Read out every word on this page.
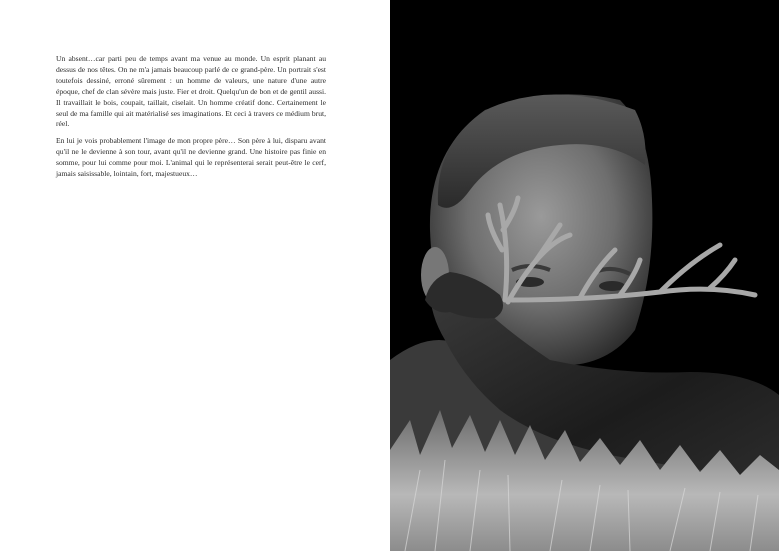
Un absent…car parti peu de temps avant ma venue au monde. Un esprit planant au dessus de nos têtes. On ne m'a jamais beaucoup parlé de ce grand-père. Un portrait s'est toutefois dessiné, erroné sûrement : un homme de valeurs, une nature d'une autre époque, chef de clan sévère mais juste. Fier et droit. Quelqu'un de bon et de gentil aussi. Il travaillait le bois, coupait, taillait, ciselait. Un homme créatif donc. Certainement le seul de ma famille qui ait matérialisé ses imaginations. Et ceci à travers ce médium brut, réel.

En lui je vois probablement l'image de mon propre père… Son père à lui, disparu avant qu'il ne le devienne à son tour, avant qu'il ne devienne grand. Une histoire pas finie en somme, pour lui comme pour moi. L'animal qui le représenterai serait peut-être le cerf, jamais saisissable, lointain, fort, majestueux…
